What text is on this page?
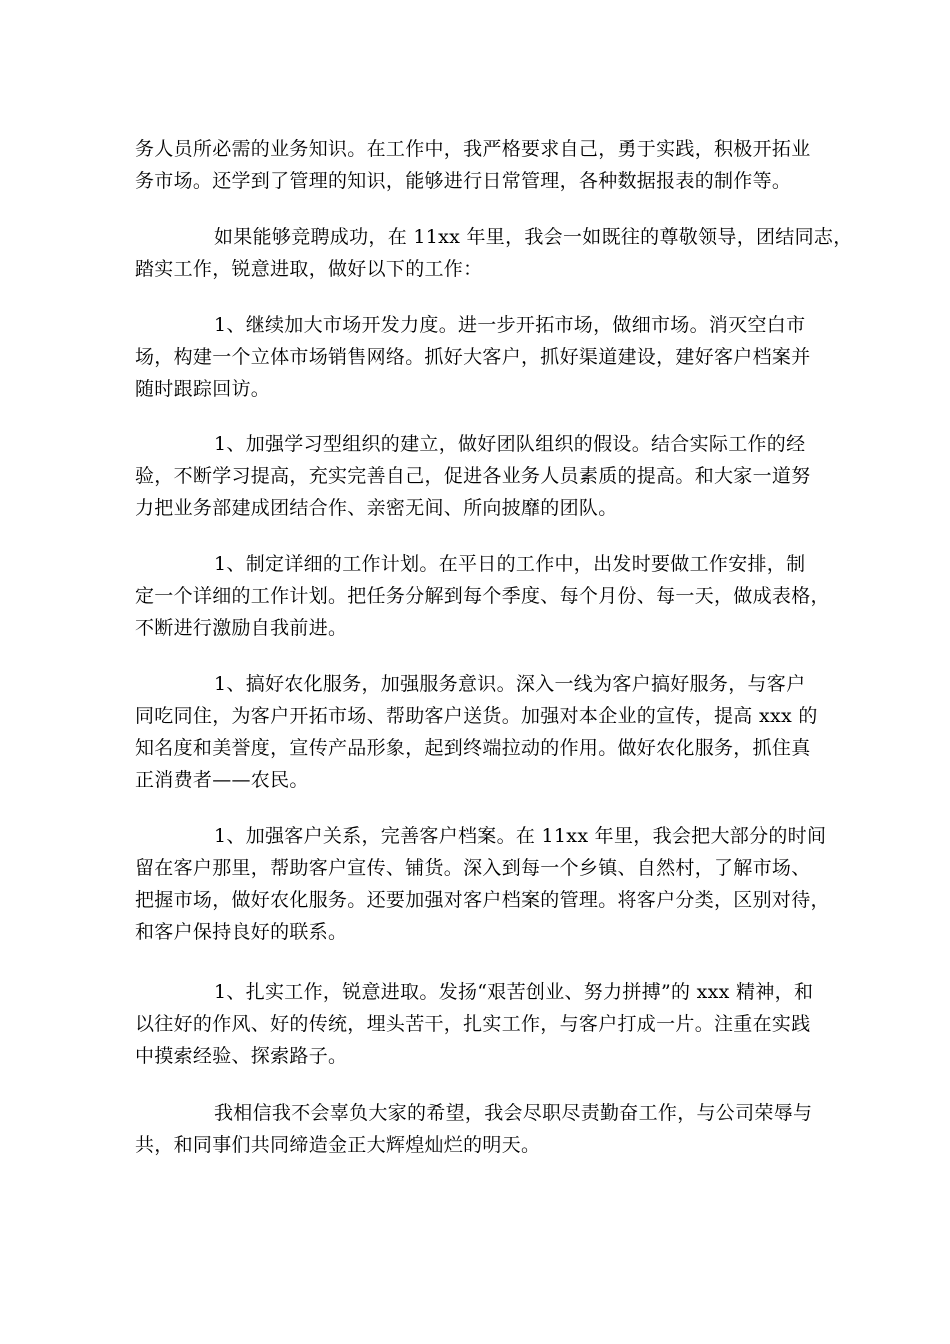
务人员所必需的业务知识。在工作中，我严格要求自己，勇于实践，积极开拓业
务市场。还学到了管理的知识，能够进行日常管理，各种数据报表的制作等。
如果能够竞聘成功，在 11xx 年里，我会一如既往的尊敬领导，团结同志，
踏实工作，锐意进取，做好以下的工作：
1、继续加大市场开发力度。进一步开拓市场，做细市场。消灭空白市
场，构建一个立体市场销售网络。抓好大客户，抓好渠道建设，建好客户档案并
随时跟踪回访。
1、加强学习型组织的建立，做好团队组织的假设。结合实际工作的经
验，不断学习提高，充实完善自己，促进各业务人员素质的提高。和大家一道努
力把业务部建成团结合作、亲密无间、所向披靡的团队。
1、制定详细的工作计划。在平日的工作中，出发时要做工作安排，制
定一个详细的工作计划。把任务分解到每个季度、每个月份、每一天，做成表格，
不断进行激励自我前进。
1、搞好农化服务，加强服务意识。深入一线为客户搞好服务，与客户
同吃同住，为客户开拓市场、帮助客户送货。加强对本企业的宣传，提高 xxx 的
知名度和美誉度，宣传产品形象，起到终端拉动的作用。做好农化服务，抓住真
正消费者——农民。
1、加强客户关系，完善客户档案。在 11xx 年里，我会把大部分的时间
留在客户那里，帮助客户宣传、铺货。深入到每一个乡镇、自然村，了解市场、
把握市场，做好农化服务。还要加强对客户档案的管理。将客户分类，区别对待，
和客户保持良好的联系。
1、扎实工作，锐意进取。发扬“艰苦创业、努力拼搏”的 xxx 精神，和
以往好的作风、好的传统，埋头苦干，扎实工作，与客户打成一片。注重在实践
中摸索经验、探索路子。
我相信我不会辜负大家的希望，我会尽职尽责勤奋工作，与公司荣辱与
共，和同事们共同缔造金正大辉煌灿烂的明天。
